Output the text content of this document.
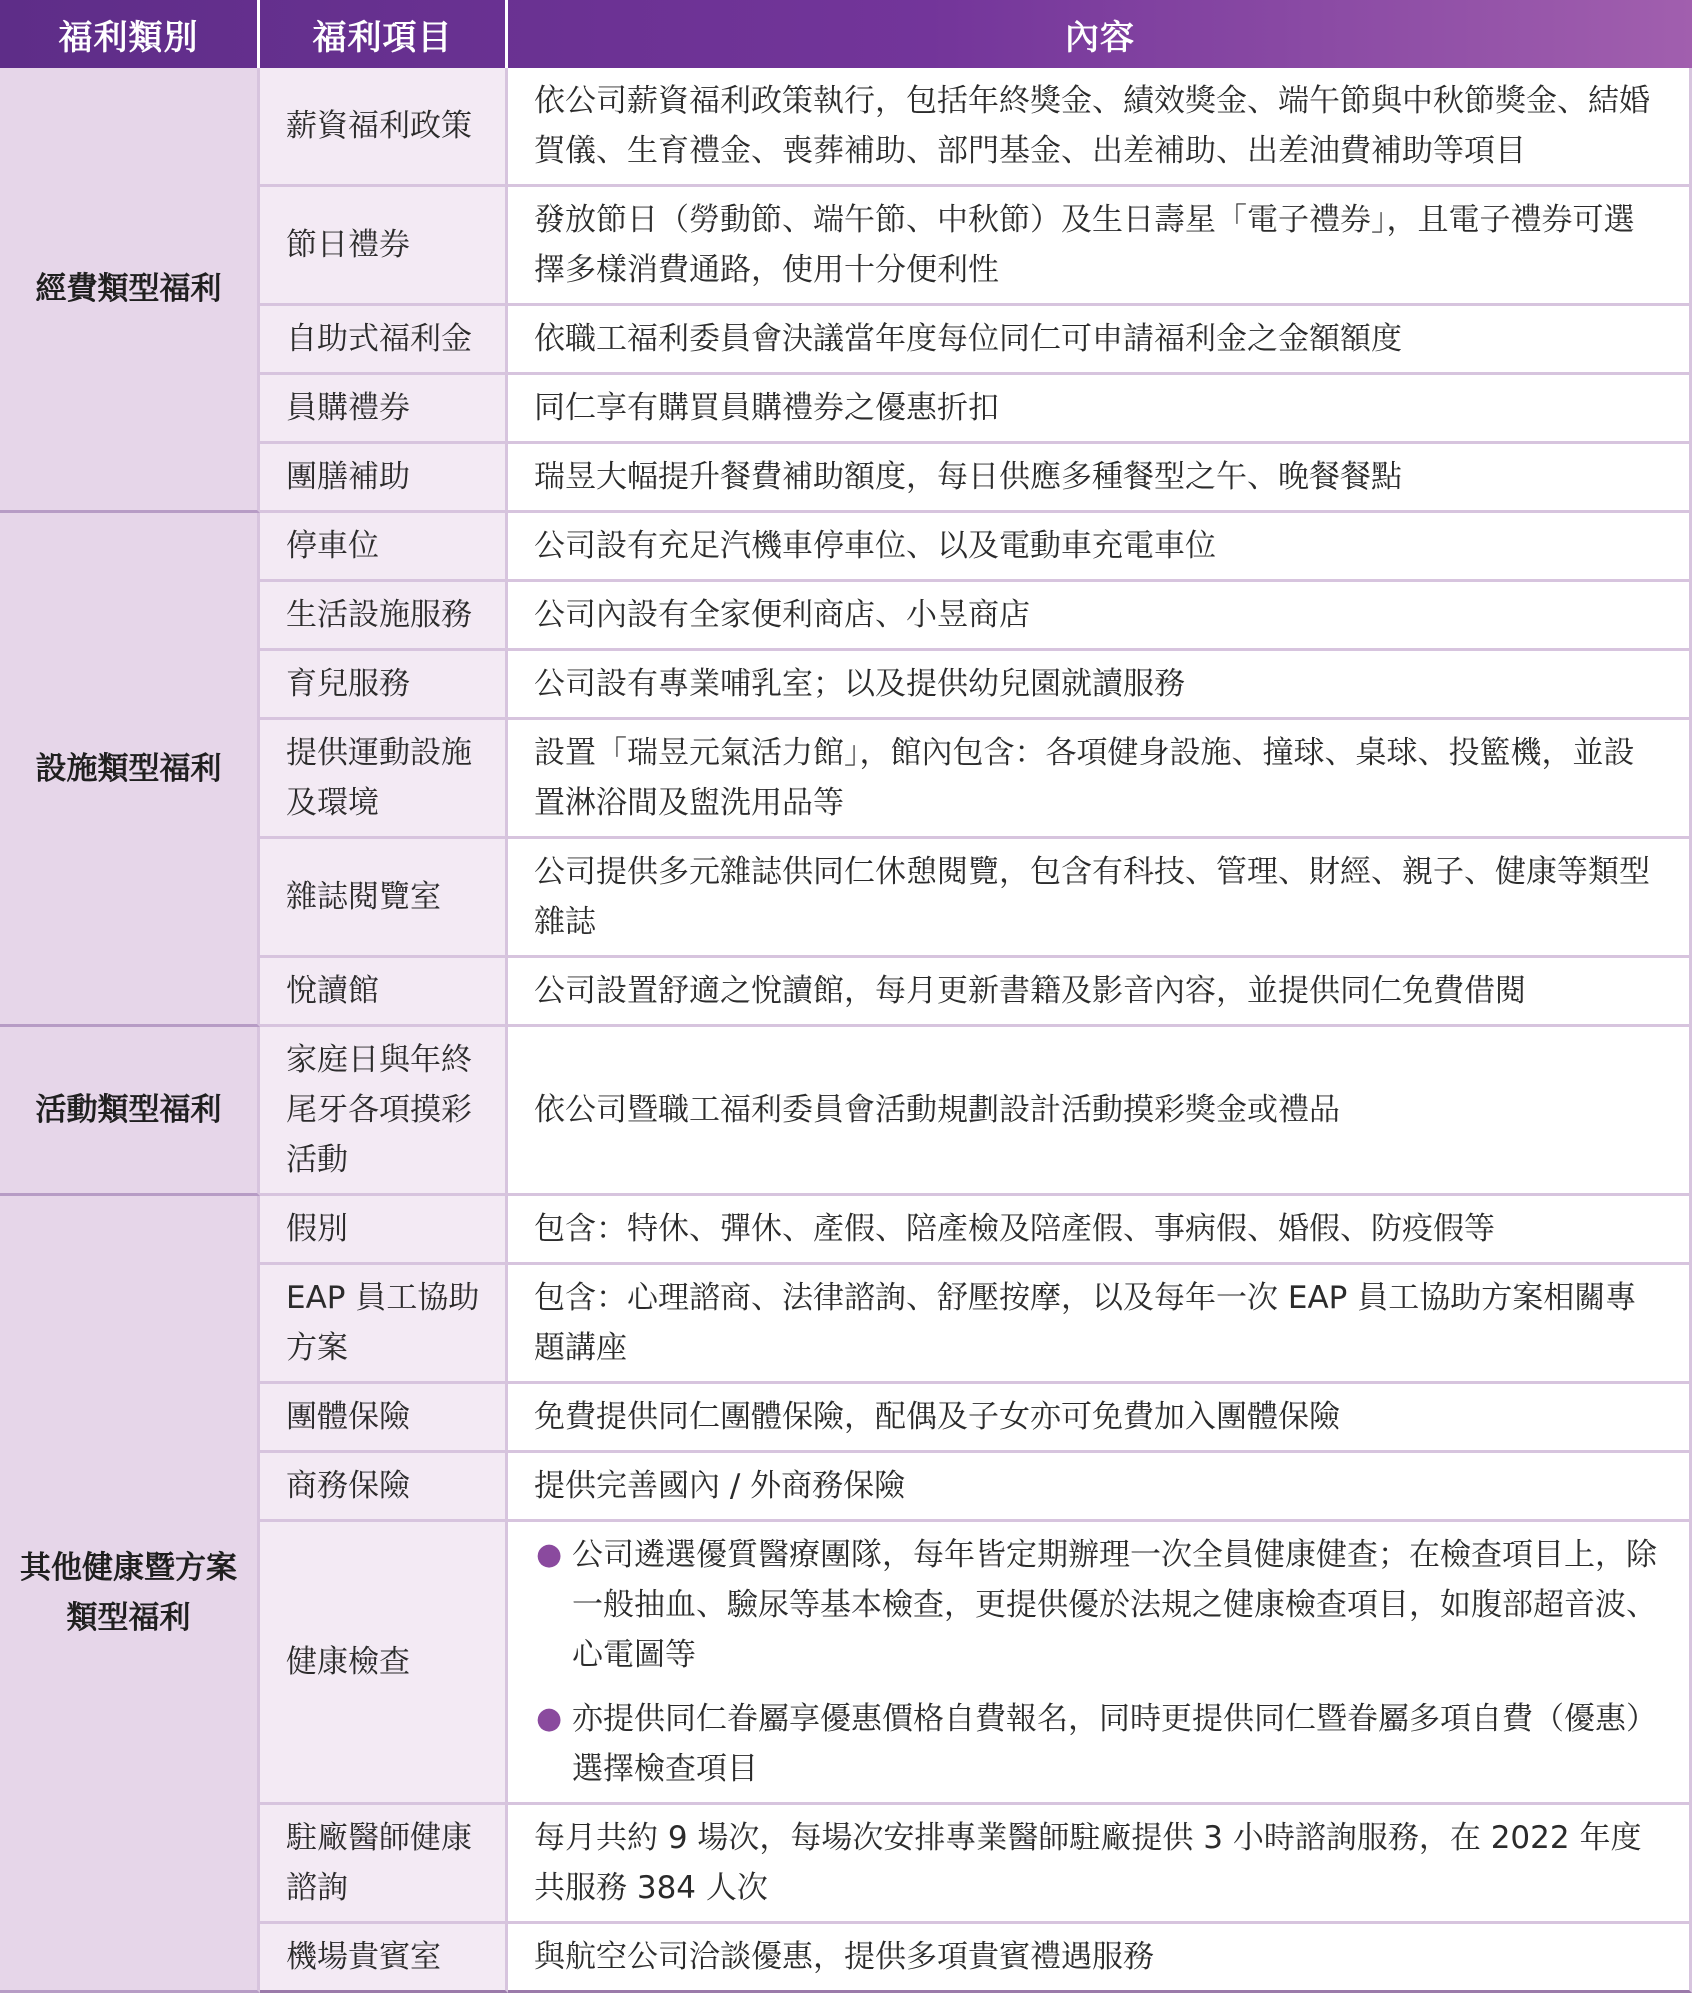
福利類別	福利項目	內容
經費類型福利	薪資福利政策	依公司薪資福利政策執行，包括年終獎金、績效獎金、端午節與中秋節獎金、結婚賀儀、生育禮金、喪葬補助、部門基金、出差補助、出差油費補助等項目
	節日禮券	發放節日（勞動節、端午節、中秋節）及生日壽星「電子禮券」，且電子禮券可選擇多樣消費通路，使用十分便利性
	自助式福利金	依職工福利委員會決議當年度每位同仁可申請福利金之金額額度
	員購禮券	同仁享有購買員購禮券之優惠折扣
	團膳補助	瑞昱大幅提升餐費補助額度，每日供應多種餐型之午、晚餐餐點
設施類型福利	停車位	公司設有充足汽機車停車位、以及電動車充電車位
	生活設施服務	公司內設有全家便利商店、小昱商店
	育兒服務	公司設有專業哺乳室；以及提供幼兒園就讀服務
	提供運動設施及環境	設置「瑞昱元氣活力館」，館內包含：各項健身設施、撞球、桌球、投籃機，並設置淋浴間及盥洗用品等
	雜誌閱覽室	公司提供多元雜誌供同仁休憩閱覽，包含有科技、管理、財經、親子、健康等類型雜誌
	悅讀館	公司設置舒適之悅讀館，每月更新書籍及影音內容，並提供同仁免費借閱
活動類型福利	家庭日與年終尾牙各項摸彩活動	依公司暨職工福利委員會活動規劃設計活動摸彩獎金或禮品
其他健康暨方案類型福利	假別	包含：特休、彈休、產假、陪產檢及陪產假、事病假、婚假、防疫假等
	EAP 員工協助方案	包含：心理諮商、法律諮詢、舒壓按摩，以及每年一次 EAP 員工協助方案相關專題講座
	團體保險	免費提供同仁團體保險，配偶及子女亦可免費加入團體保險
	商務保險	提供完善國內 / 外商務保險
	健康檢查	● 公司遴選優質醫療團隊，每年皆定期辦理一次全員健康健查；在檢查項目上，除一般抽血、驗尿等基本檢查，更提供優於法規之健康檢查項目，如腹部超音波、心電圖等
● 亦提供同仁眷屬享優惠價格自費報名，同時更提供同仁暨眷屬多項自費（優惠）選擇檢查項目

	駐廠醫師健康諮詢	每月共約 9 場次，每場次安排專業醫師駐廠提供 3 小時諮詢服務，在 2022 年度共服務 384 人次
	機場貴賓室	與航空公司洽談優惠，提供多項貴賓禮遇服務
